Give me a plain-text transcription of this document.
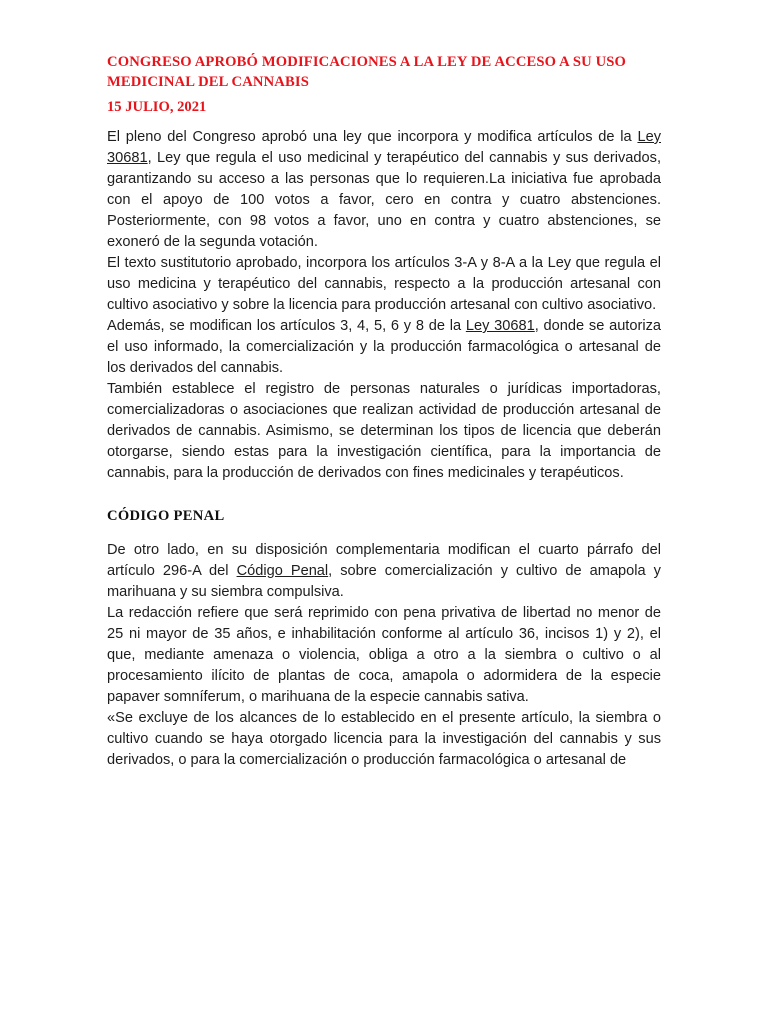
CONGRESO APROBÓ MODIFICACIONES A LA LEY DE ACCESO A SU USO MEDICINAL DEL CANNABIS
15 JULIO, 2021

El pleno del Congreso aprobó una ley que incorpora y modifica artículos de la Ley 30681, Ley que regula el uso medicinal y terapéutico del cannabis y sus derivados, garantizando su acceso a las personas que lo requieren.La iniciativa fue aprobada con el apoyo de 100 votos a favor, cero en contra y cuatro abstenciones. Posteriormente, con 98 votos a favor, uno en contra y cuatro abstenciones, se exoneró de la segunda votación.

El texto sustitutorio aprobado, incorpora los artículos 3-A y 8-A a la Ley que regula el uso medicina y terapéutico del cannabis, respecto a la producción artesanal con cultivo asociativo y sobre la licencia para producción artesanal con cultivo asociativo.

Además, se modifican los artículos 3, 4, 5, 6 y 8 de la Ley 30681, donde se autoriza el uso informado, la comercialización y la producción farmacológica o artesanal de los derivados del cannabis.

También establece el registro de personas naturales o jurídicas importadoras, comercializadoras o asociaciones que realizan actividad de producción artesanal de derivados de cannabis. Asimismo, se determinan los tipos de licencia que deberán otorgarse, siendo estas para la investigación científica, para la importancia de cannabis, para la producción de derivados con fines medicinales y terapéuticos.

CÓDIGO PENAL

De otro lado, en su disposición complementaria modifican el cuarto párrafo del artículo 296-A del Código Penal, sobre comercialización y cultivo de amapola y marihuana y su siembra compulsiva.

La redacción refiere que será reprimido con pena privativa de libertad no menor de 25 ni mayor de 35 años, e inhabilitación conforme al artículo 36, incisos 1) y 2), el que, mediante amenaza o violencia, obliga a otro a la siembra o cultivo o al procesamiento ilícito de plantas de coca, amapola o adormidera de la especie papaver somníferum, o marihuana de la especie cannabis sativa.

«Se excluye de los alcances de lo establecido en el presente artículo, la siembra o cultivo cuando se haya otorgado licencia para la investigación del cannabis y sus derivados, o para la comercialización o producción farmacológica o artesanal de
